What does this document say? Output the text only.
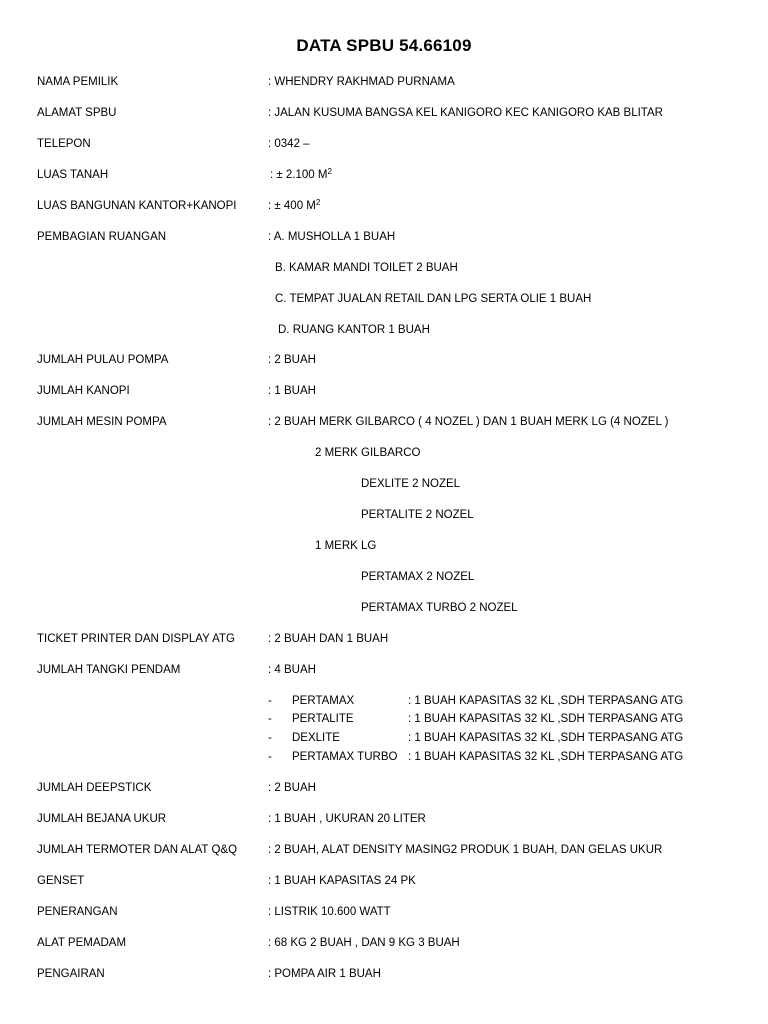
DATA SPBU 54.66109
NAMA PEMILIK	: WHENDRY RAKHMAD PURNAMA
ALAMAT SPBU	: JALAN KUSUMA BANGSA KEL KANIGORO KEC KANIGORO KAB BLITAR
TELEPON	: 0342 –
LUAS TANAH	: ± 2.100 $M^2$
LUAS BANGUNAN KANTOR+KANOPI	: ± 400 $M^2$
PEMBAGIAN RUANGAN	: A. MUSHOLLA 1 BUAH
B. KAMAR MANDI TOILET 2 BUAH
C. TEMPAT JUALAN RETAIL DAN LPG SERTA OLIE 1 BUAH
D. RUANG KANTOR 1 BUAH
JUMLAH PULAU POMPA	: 2 BUAH
JUMLAH KANOPI	: 1 BUAH
JUMLAH MESIN POMPA	: 2 BUAH MERK GILBARCO ( 4 NOZEL ) DAN 1 BUAH MERK LG (4 NOZEL )
2 MERK GILBARCO
DEXLITE 2 NOZEL
PERTALITE 2 NOZEL
1 MERK LG
PERTAMAX 2 NOZEL
PERTAMAX TURBO 2 NOZEL
TICKET PRINTER DAN DISPLAY ATG	: 2 BUAH DAN 1 BUAH
JUMLAH TANGKI PENDAM	: 4 BUAH
- PERTAMAX	: 1 BUAH KAPASITAS 32 KL ,SDH TERPASANG ATG
- PERTALITE	: 1 BUAH KAPASITAS 32 KL ,SDH TERPASANG ATG
- DEXLITE	: 1 BUAH KAPASITAS 32 KL ,SDH TERPASANG ATG
- PERTAMAX TURBO : 1 BUAH KAPASITAS 32 KL ,SDH TERPASANG ATG
JUMLAH DEEPSTICK	: 2 BUAH
JUMLAH BEJANA UKUR	: 1 BUAH , UKURAN 20 LITER
JUMLAH TERMOTER DAN ALAT Q&Q	: 2 BUAH, ALAT DENSITY MASING2 PRODUK 1 BUAH, DAN GELAS UKUR
GENSET	: 1 BUAH KAPASITAS 24 PK
PENERANGAN	: LISTRIK 10.600 WATT
ALAT PEMADAM	: 68 KG 2 BUAH , DAN 9 KG 3 BUAH
PENGAIRAN	: POMPA AIR 1 BUAH
